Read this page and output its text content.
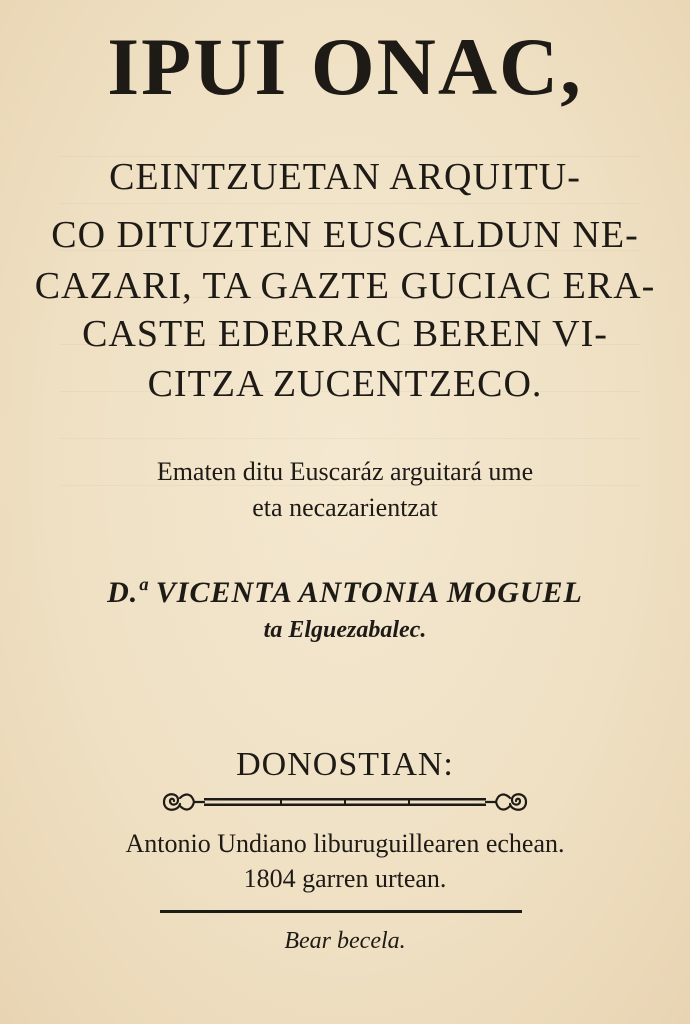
IPUI ONAC,
CEINTZUETAN ARQUITU-
CO DITUZTEN EUSCALDUN NE-
CAZARI, TA GAZTE GUCIAC ERA-
CASTE EDERRAC BEREN VI-
CITZA ZUCENTZECO.
Ematen ditu Euscaráz arguitará ume
eta necazarientzat
D.ª VICENTA ANTONIA MOGUEL
ta Elguezabalec.
DONOSTIAN:
Antonio Undiano liburuguillearen echean.
1804 garren urtean.
Bear becela.
